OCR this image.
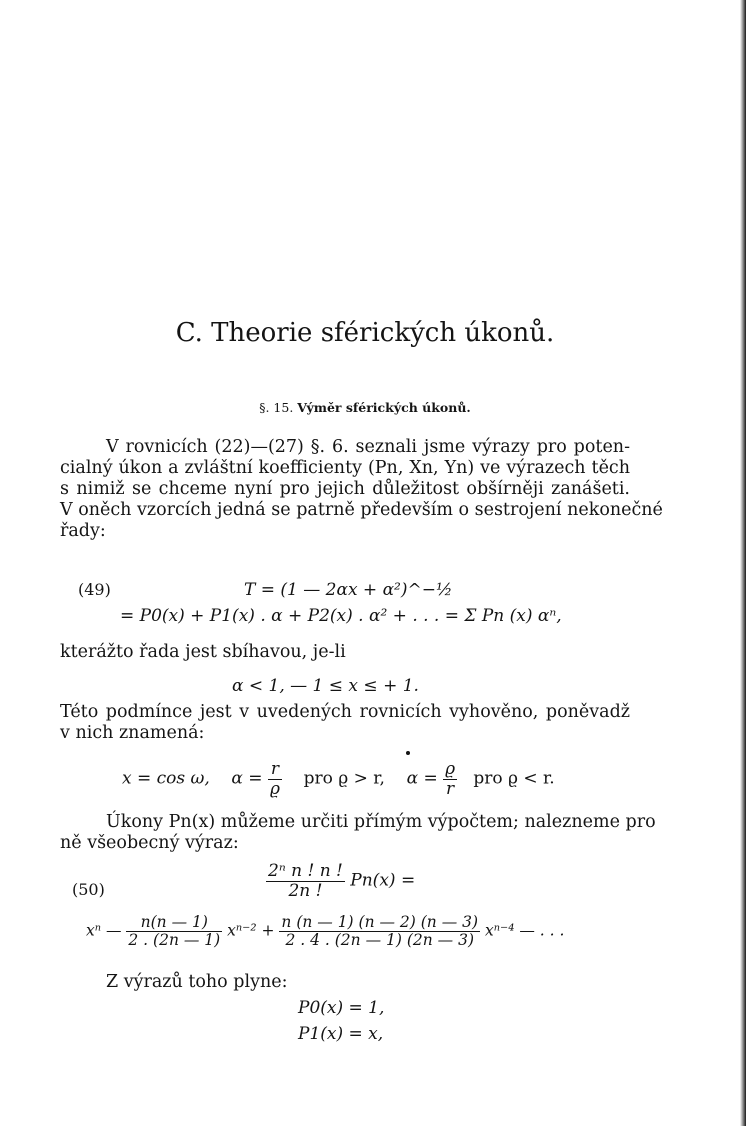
C. Theorie sférických úkonů.
§. 15. Výměr sférických úkonů.
V rovnicích (22)—(27) §. 6. seznali jsme výrazy pro poten-
cialný úkon a zvláštní koefficienty (Pn, Xn, Yn) ve výrazech těch
s nimiž se chceme nyní pro jejich důležitost obšírněji zanášeti.
V oněch vzorcích jedná se patrně především o sestrojení nekonečné
řady:
(49)	T = (1 — 2αx + α²)^−½
= P0(x) + P1(x) . α + P2(x) . α² + . . . = Σ Pn (x) αⁿ,
kterážto řada jest sbíhavou, je-li
α < 1, — 1 ≤ x ≤ + 1.
Této podmínce jest v uvedených rovnicích vyhověno, poněvadž
v nich znamená:
x = cos ω, $\alpha = \frac{r}{ϱ}$ pro ϱ > r, $\alpha = \frac{ϱ}{r}$ pro ϱ < r.
Úkony Pn(x) můžeme určiti přímým výpočtem; nalezneme pro
ně všeobecný výraz:
(50)	$\frac{\text{2ⁿ n ! n !}}{2n !} Pn(x)$ =
xⁿ — $\frac{n(n — 1)}{2 . (2n — 1)} x^{n-2} + \frac{n (n — 1) (n — 2) (n — 3)}{2 . 4 . (2n — 1) (2n — 3)} x^{n-4}$ — . . .
Z výrazů toho plyne:
P0(x) = 1,
P1(x) = x,
